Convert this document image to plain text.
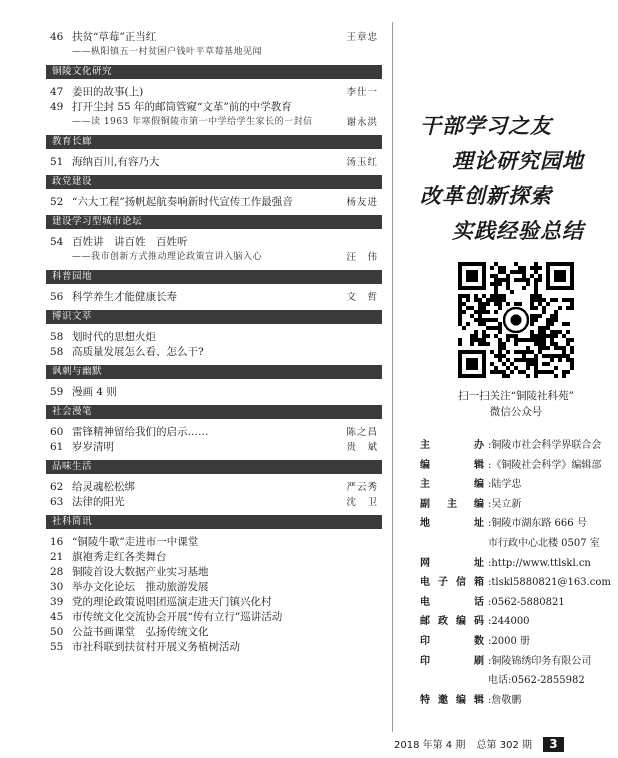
46 扶贫“草莓”正当红	王章忠
——枞阳镇五一村贫困户钱叶平草莓基地见闻
铜陵文化研究
47 姜田的故事(上)	李仕一
49 打开尘封 55 年的邮筒管窥“文革”前的中学教育
——读 1963 年寒假铜陵市第一中学给学生家长的一封信	谢永洪
教育长廊
51 海纳百川,有容乃大	汤玉红
政党建设
52 “六大工程”扬帆起航奏响新时代宣传工作最强音	杨友进
建设学习型城市论坛
54 百姓讲　讲百姓　百姓听
——我市创新方式推动理论政策宣讲入脑入心	汪　伟
科普园地
56 科学养生才能健康长寿	文　哲
博识文萃
58 划时代的思想火炬
58 高质量发展怎么看、怎么干?
讽刺与幽默
59 漫画 4 则
社会漫笔
60 雷锋精神留给我们的启示……	陈之昌
61 岁岁清明	贵　斌
品味生活
62 给灵魂松松绑	严云秀
63 法律的阳光	沈　卫
社科简讯
16 “铜陵牛歌”走进市一中课堂
21 旗袍秀走红各类舞台
28 铜陵首设大数据产业实习基地
30 举办文化论坛　推动旅游发展
39 党的理论政策说唱团巡演走进天门镇兴化村
45 市传统文化交流协会开展“传有立行”巡讲活动
50 公益书画课堂　弘扬传统文化
55 市社科联到扶贫村开展义务植树活动
干部学习之友
理论研究园地
改革创新探索
实践经验总结
扫一扫关注“铜陵社科苑”
微信公众号
主　　办 :铜陵市社会科学界联合会
编　　辑 :《铜陵社会科学》编辑部
主　　编 :陆学忠
副 主 编 :吴立新
地　　址 :铜陵市湖东路 666 号
市行政中心北楼 0507 室
网　　址 :http://www.ttlskl.cn
电子信箱 :tlskl5880821@163.com
电　　话 :0562-5880821
邮政编码 :244000
印　　数 :2000 册
印　　刷 :铜陵锦绣印务有限公司
电话:0562-2855982
特邀编辑 :詹敬鹏
2018 年第 4 期 总第 302 期 3
